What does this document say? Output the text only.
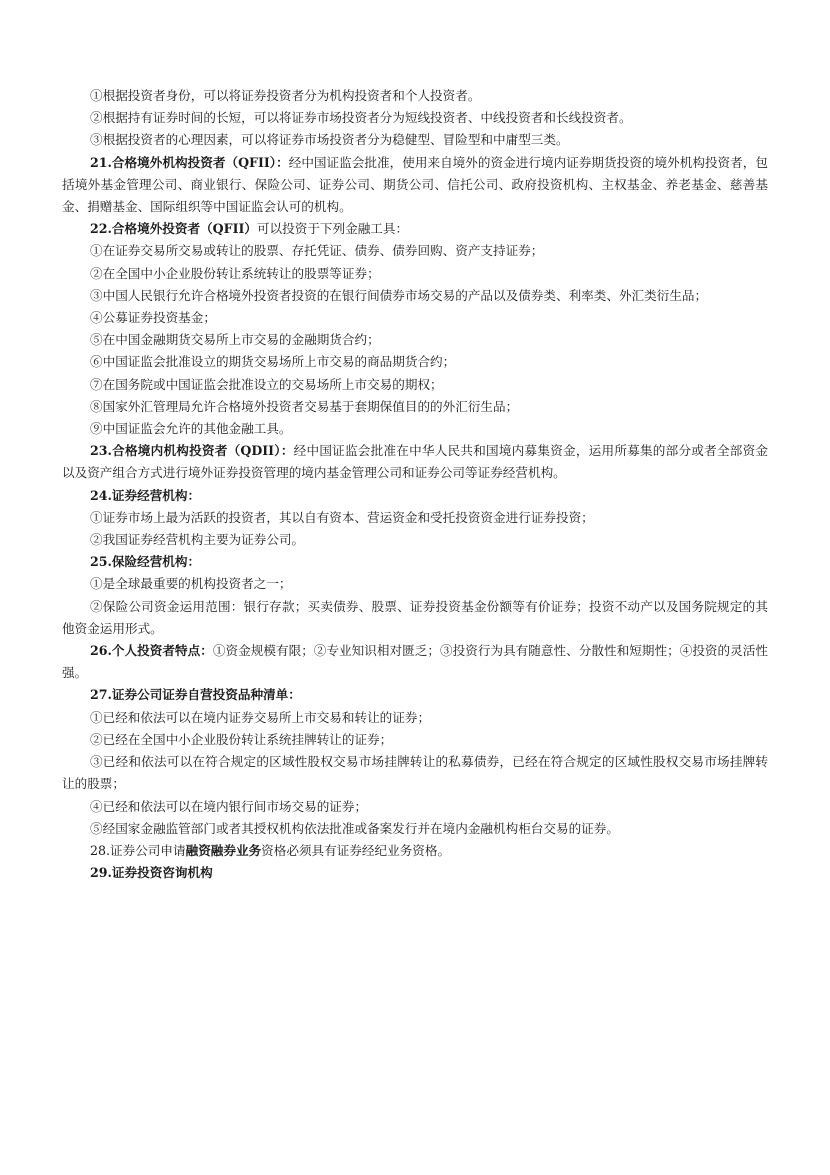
①根据投资者身份，可以将证券投资者分为机构投资者和个人投资者。

②根据持有证券时间的长短，可以将证券市场投资者分为短线投资者、中线投资者和长线投资者。

③根据投资者的心理因素，可以将证券市场投资者分为稳健型、冒险型和中庸型三类。

21.合格境外机构投资者（QFII）：经中国证监会批准，使用来自境外的资金进行境内证券期货投资的境外机构投资者，包括境外基金管理公司、商业银行、保险公司、证券公司、期货公司、信托公司、政府投资机构、主权基金、养老基金、慈善基金、捐赠基金、国际组织等中国证监会认可的机构。

22.合格境外投资者（QFII）可以投资于下列金融工具：

①在证券交易所交易或转让的股票、存托凭证、债券、债券回购、资产支持证券；

②在全国中小企业股份转让系统转让的股票等证券；

③中国人民银行允许合格境外投资者投资的在银行间债券市场交易的产品以及债券类、利率类、外汇类衍生品；

④公募证券投资基金；

⑤在中国金融期货交易所上市交易的金融期货合约；

⑥中国证监会批准设立的期货交易场所上市交易的商品期货合约；

⑦在国务院或中国证监会批准设立的交易场所上市交易的期权；

⑧国家外汇管理局允许合格境外投资者交易基于套期保值目的的外汇衍生品；

⑨中国证监会允许的其他金融工具。

23.合格境内机构投资者（QDII）：经中国证监会批准在中华人民共和国境内募集资金，运用所募集的部分或者全部资金以及资产组合方式进行境外证券投资管理的境内基金管理公司和证券公司等证券经营机构。

24.证券经营机构：

①证券市场上最为活跃的投资者，其以自有资本、营运资金和受托投资资金进行证券投资；

②我国证券经营机构主要为证券公司。

25.保险经营机构：

①是全球最重要的机构投资者之一；

②保险公司资金运用范围：银行存款；买卖债券、股票、证券投资基金份额等有价证券；投资不动产以及国务院规定的其他资金运用形式。

26.个人投资者特点：①资金规模有限；②专业知识相对匮乏；③投资行为具有随意性、分散性和短期性；④投资的灵活性强。

27.证券公司证券自营投资品种清单：

①已经和依法可以在境内证券交易所上市交易和转让的证券；

②已经在全国中小企业股份转让系统挂牌转让的证券；

③已经和依法可以在符合规定的区域性股权交易市场挂牌转让的私募债券，已经在符合规定的区域性股权交易市场挂牌转让的股票；

④已经和依法可以在境内银行间市场交易的证券；

⑤经国家金融监管部门或者其授权机构依法批准或备案发行并在境内金融机构柜台交易的证券。

28.证券公司申请融资融券业务资格必须具有证券经纪业务资格。

29.证券投资咨询机构
